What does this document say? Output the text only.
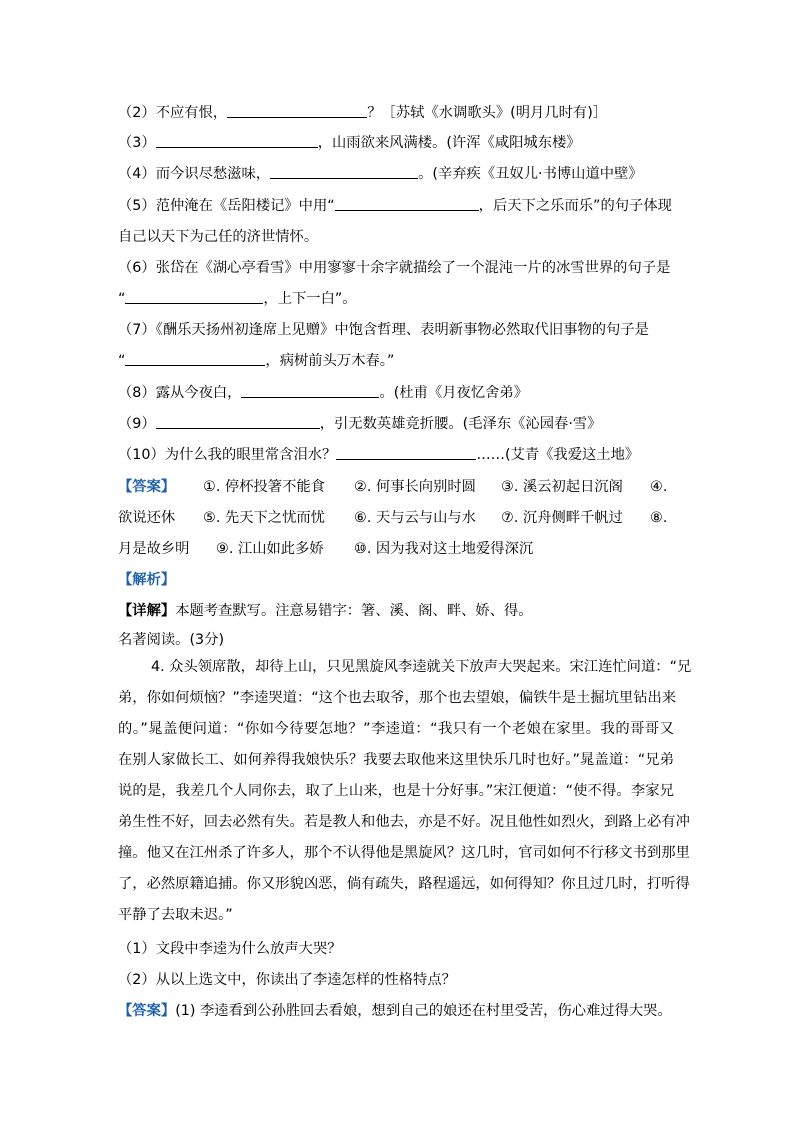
（2）不应有恨，	？［苏轼《水调歌头》(明月几时有)］
（3）	，山雨欲来风满楼。(许浑《咸阳城东楼》
（4）而今识尽愁滋味，	。(辛弃疾《丑奴儿·书博山道中壁》
（5）范仲淹在《岳阳楼记》中用“	，后天下之乐而乐”的句子体现
自己以天下为己任的济世情怀。
（6）张岱在《湖心亭看雪》中用寥寥十余字就描绘了一个混沌一片的冰雪世界的句子是
“	，上下一白”。
（7）《酬乐天扬州初逢席上见赠》中饱含哲理、表明新事物必然取代旧事物的句子是
“	，病树前头万木春。”
（8）露从今夜白，	。(杜甫《月夜忆舍弟》
（9）	，引无数英雄竞折腰。(毛泽东《沁园春·雪》
（10）为什么我的眼里常含泪水？	……(艾青《我爱这土地》
【答案】 ①. 停杯投箸不能食 ②. 何事长向别时圆 ③. 溪云初起日沉阁 ④.
欲说还休 ⑤. 先天下之忧而忧 ⑥. 天与云与山与水 ⑦. 沉舟侧畔千帆过 ⑧.
月是故乡明 ⑨. 江山如此多娇 ⑩. 因为我对这土地爱得深沉
【解析】
【详解】本题考查默写。注意易错字：箸、溪、阁、畔、娇、得。
名著阅读。(3分)
4. 众头领席散，却待上山，只见黑旋风李逵就关下放声大哭起来。宋江连忙问道：“兄
弟，你如何烦恼？”李逵哭道：“这个也去取爷，那个也去望娘，偏铁牛是土掘坑里钻出来
的。”晁盖便问道：“你如今待要怎地？”李逵道：“我只有一个老娘在家里。我的哥哥又
在别人家做长工、如何养得我娘快乐？我要去取他来这里快乐几时也好。”晁盖道：“兄弟
说的是，我差几个人同你去，取了上山来，也是十分好事。”宋江便道：“使不得。李家兄
弟生性不好，回去必然有失。若是教人和他去，亦是不好。况且他性如烈火，到路上必有冲
撞。他又在江州杀了许多人，那个不认得他是黑旋风？这几时，官司如何不行移文书到那里
了，必然原籍追捕。你又形貌凶恶，倘有疏失，路程遥远，如何得知？你且过几时，打听得
平静了去取未迟。”
（1）文段中李逵为什么放声大哭？
（2）从以上选文中，你读出了李逵怎样的性格特点？
【答案】(1) 李逵看到公孙胜回去看娘，想到自己的娘还在村里受苦，伤心难过得大哭。
